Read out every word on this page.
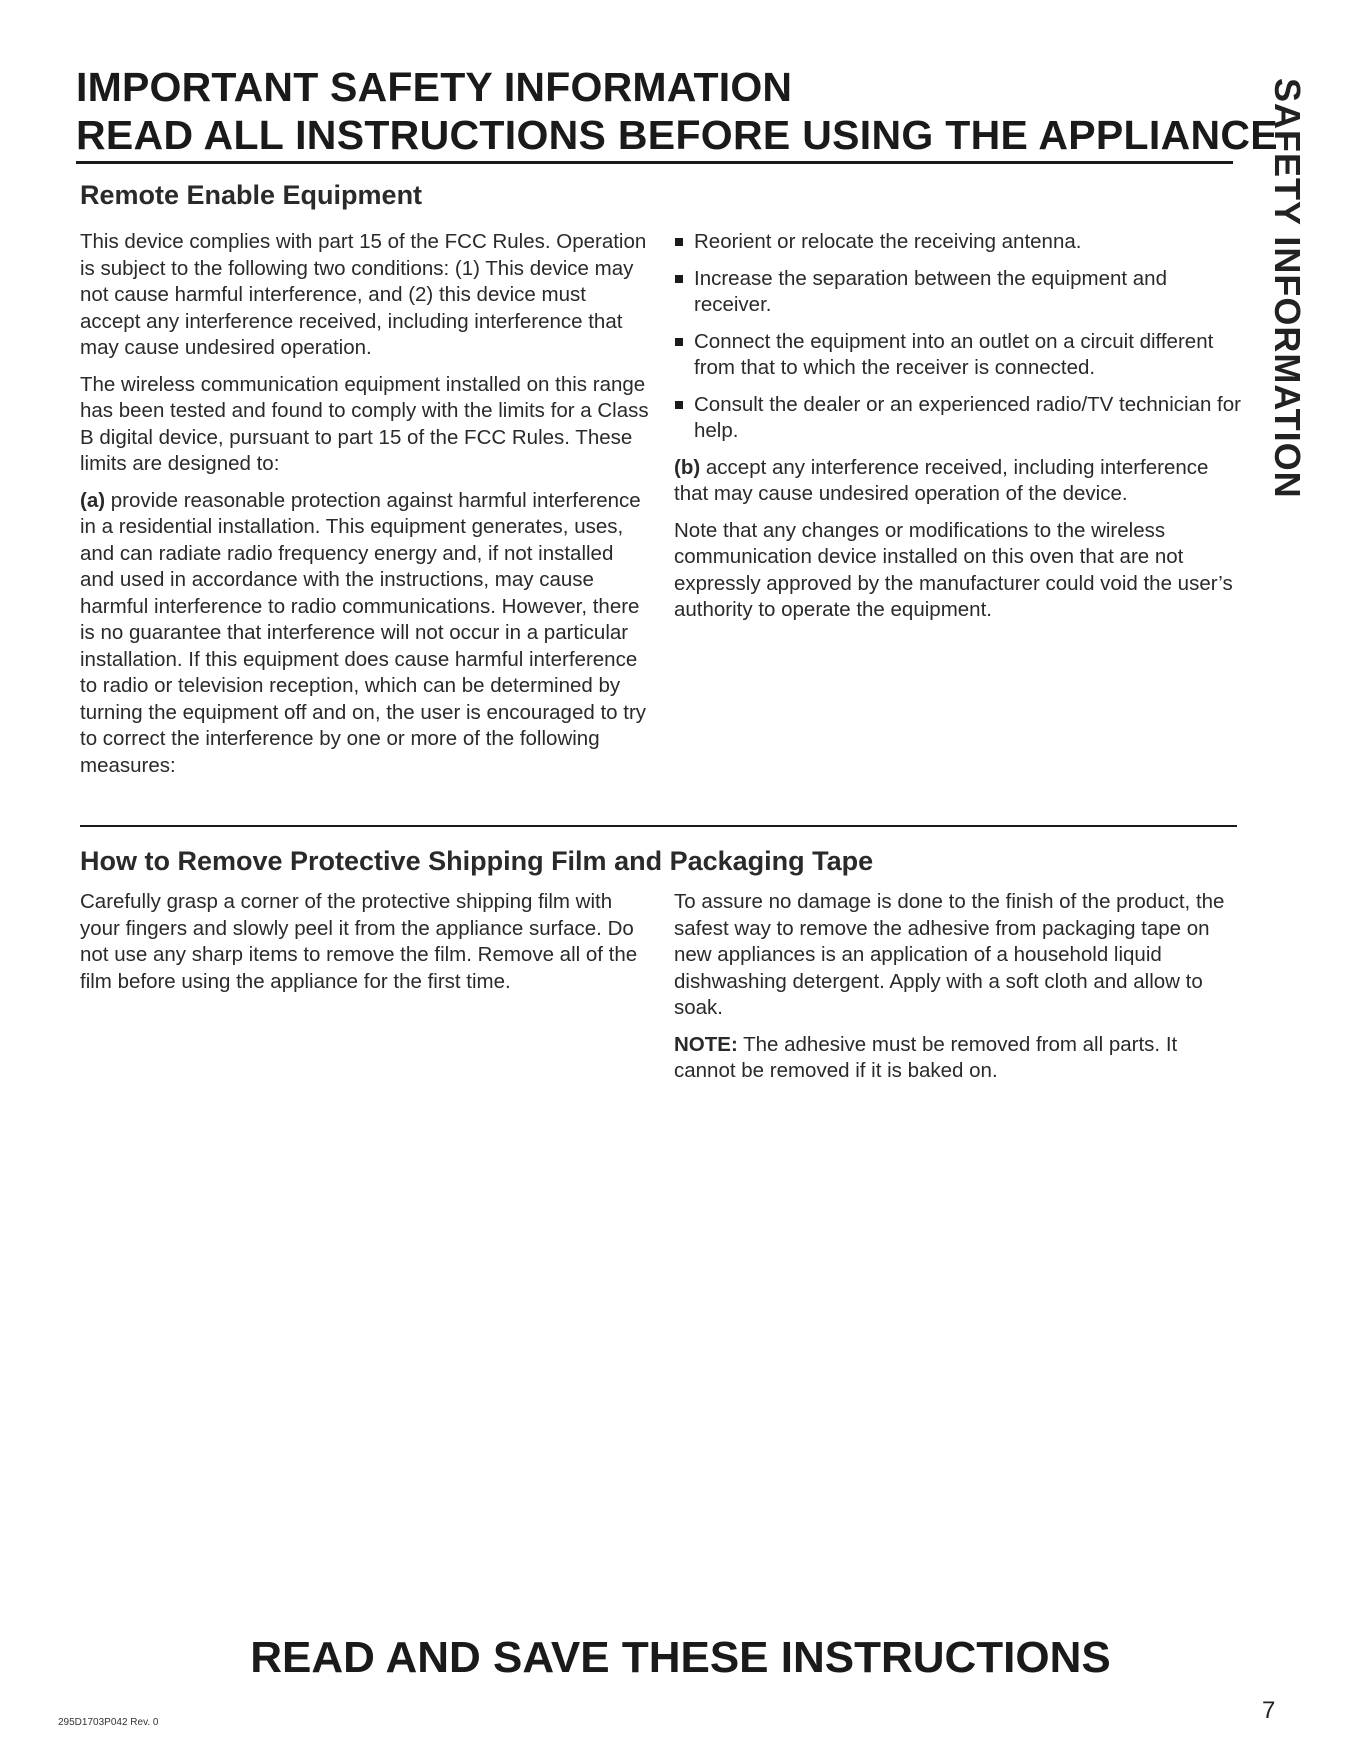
IMPORTANT SAFETY INFORMATION
READ ALL INSTRUCTIONS BEFORE USING THE APPLIANCE
SAFETY INFORMATION
Remote Enable Equipment

This device complies with part 15 of the FCC Rules. Operation is subject to the following two conditions: (1) This device may not cause harmful interference, and (2) this device must accept any interference received, including interference that may cause undesired operation.

The wireless communication equipment installed on this range has been tested and found to comply with the limits for a Class B digital device, pursuant to part 15 of the FCC Rules. These limits are designed to:

(a) provide reasonable protection against harmful interference in a residential installation. This equipment generates, uses, and can radiate radio frequency energy and, if not installed and used in accordance with the instructions, may cause harmful interference to radio communications. However, there is no guarantee that interference will not occur in a particular installation. If this equipment does cause harmful interference to radio or television reception, which can be determined by turning the equipment off and on, the user is encouraged to try to correct the interference by one or more of the following measures:

Reorient or relocate the receiving antenna.
Increase the separation between the equipment and receiver.
Connect the equipment into an outlet on a circuit different from that to which the receiver is connected.
Consult the dealer or an experienced radio/TV technician for help.

(b) accept any interference received, including interference that may cause undesired operation of the device.

Note that any changes or modifications to the wireless communication device installed on this oven that are not expressly approved by the manufacturer could void the user’s authority to operate the equipment.

How to Remove Protective Shipping Film and Packaging Tape

Carefully grasp a corner of the protective shipping film with your fingers and slowly peel it from the appliance surface. Do not use any sharp items to remove the film. Remove all of the film before using the appliance for the first time.

To assure no damage is done to the finish of the product, the safest way to remove the adhesive from packaging tape on new appliances is an application of a household liquid dishwashing detergent. Apply with a soft cloth and allow to soak.

NOTE: The adhesive must be removed from all parts. It cannot be removed if it is baked on.

READ AND SAVE THESE INSTRUCTIONS
295D1703P042 Rev. 0	7
